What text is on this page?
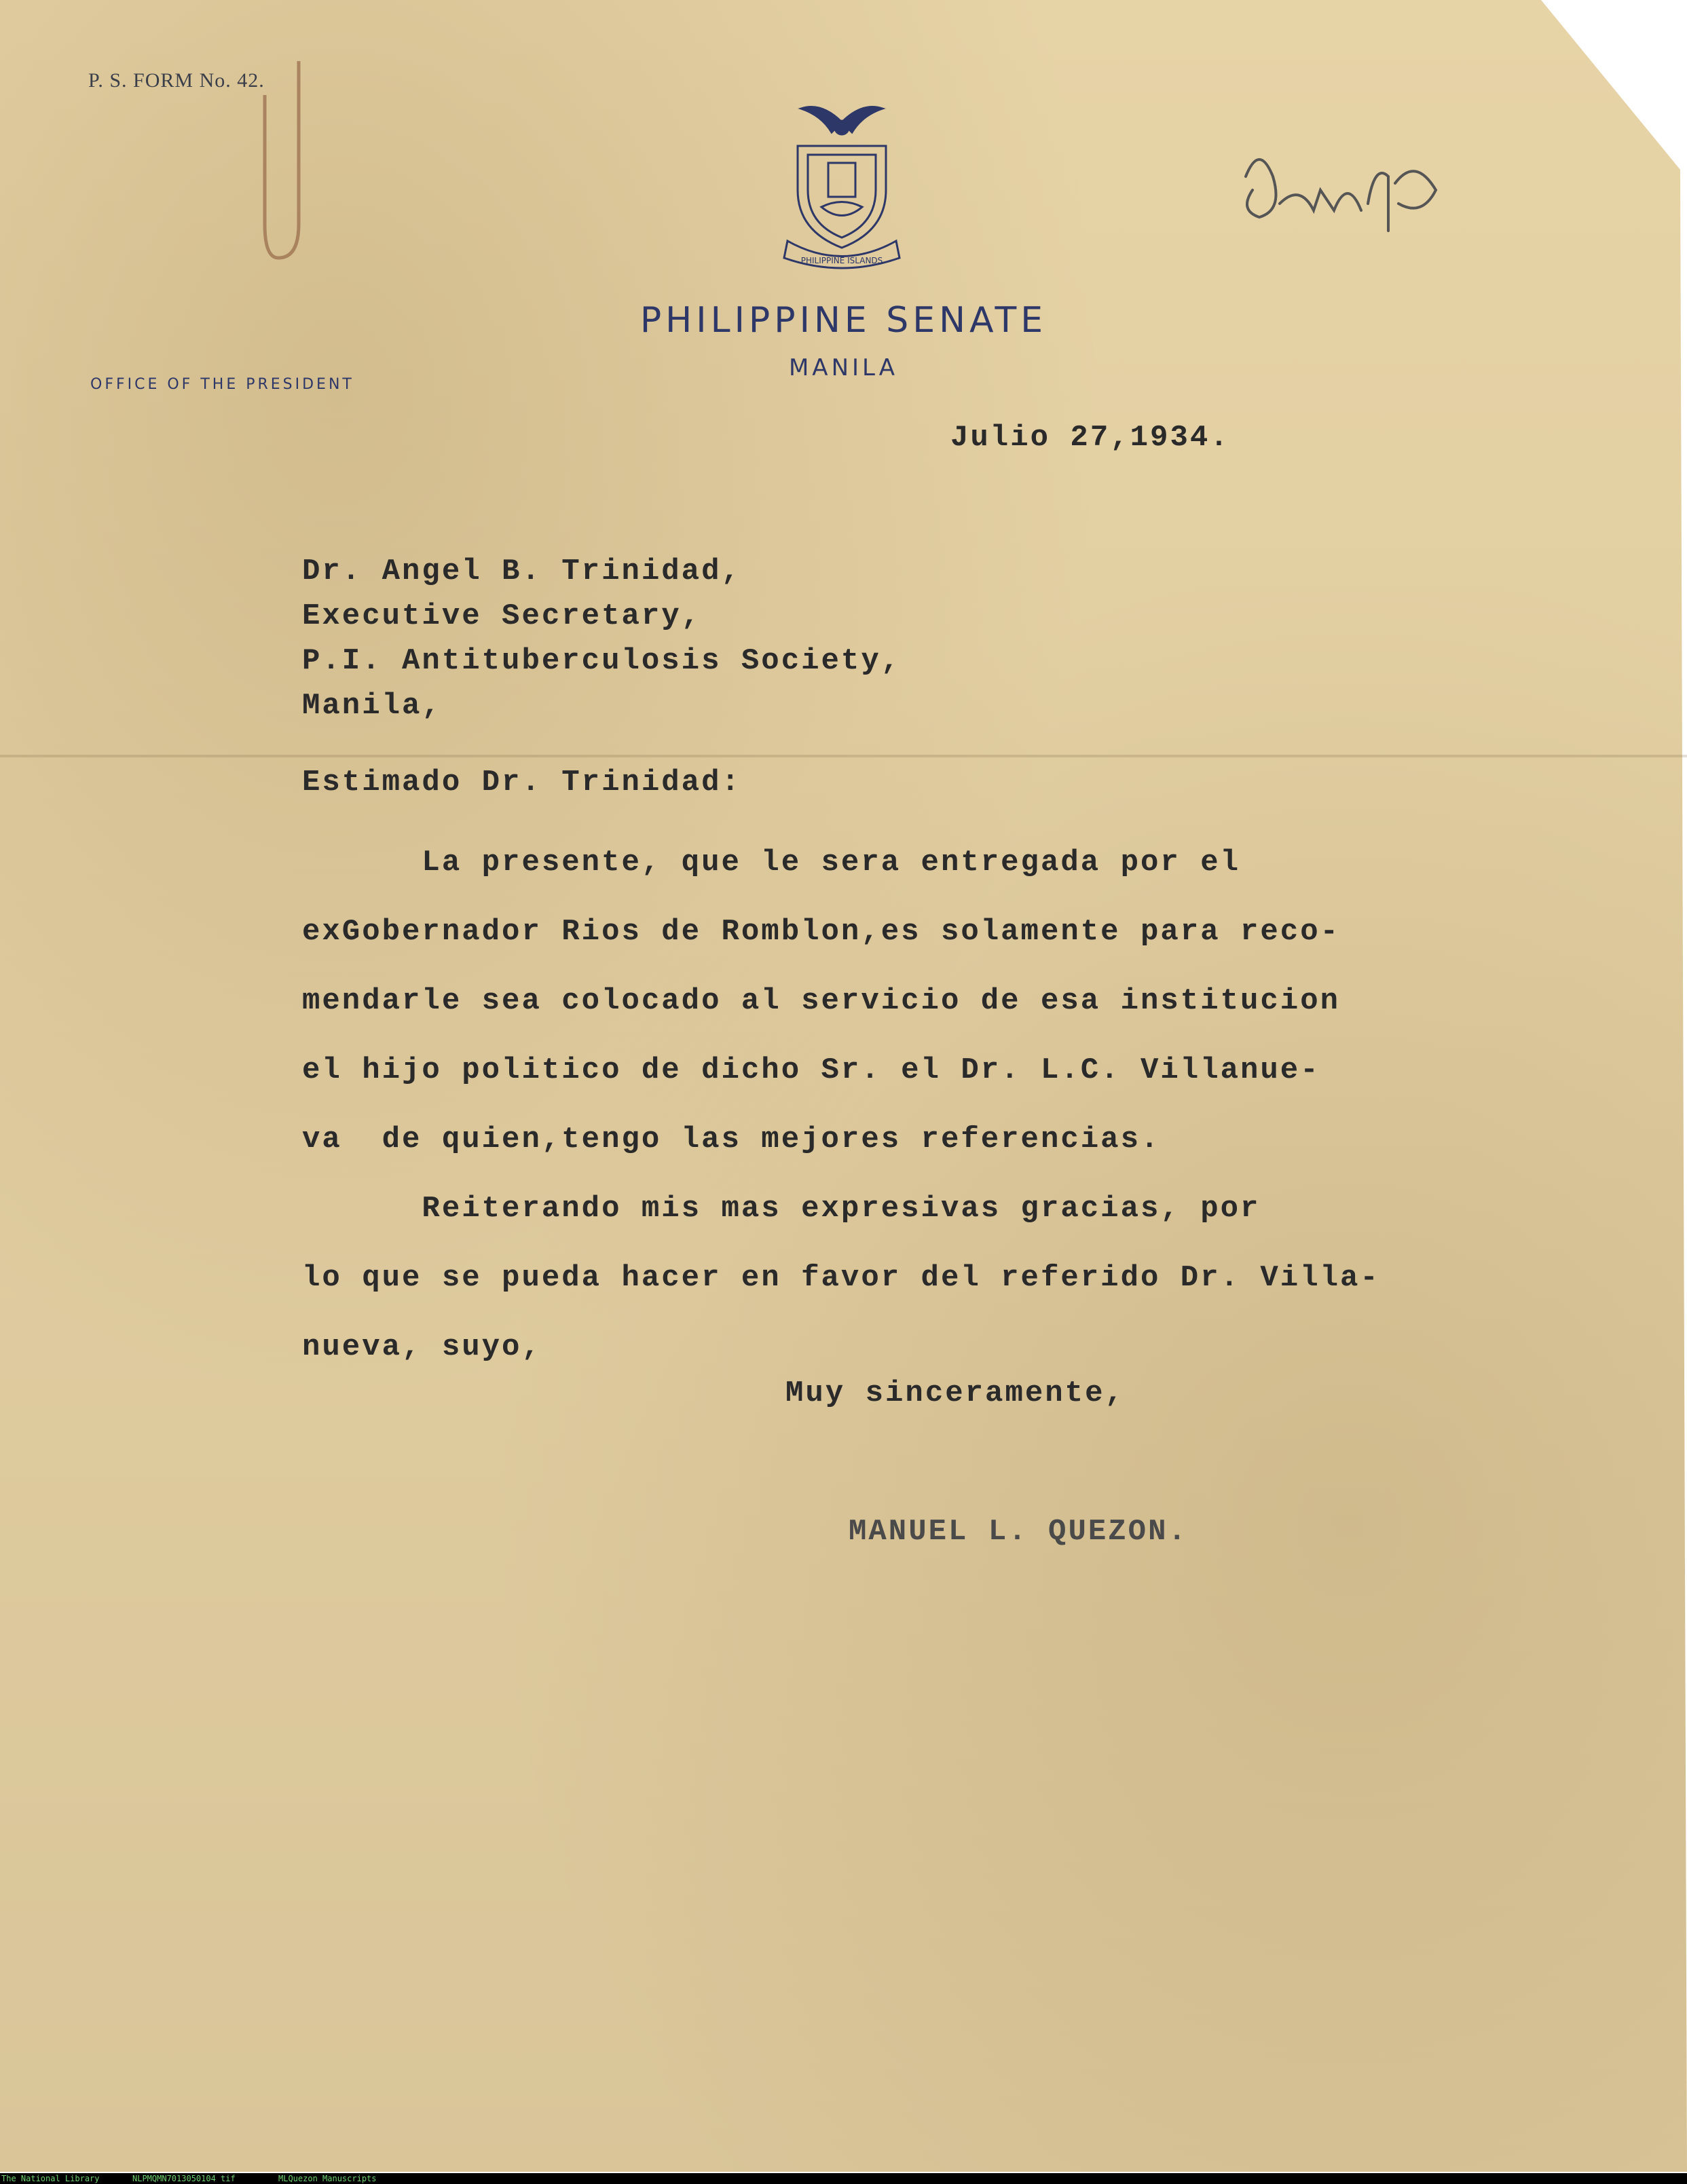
P. S. FORM No. 42.
PHILIPPINE ISLANDS
PHILIPPINE SENATE
MANILA
OFFICE OF THE PRESIDENT
Julio 27,1934.
Dr. Angel B. Trinidad,
Executive Secretary,
P.I. Antituberculosis Society,
Manila,
Estimado Dr. Trinidad:
La presente, que le sera entregada por el
exGobernador Rios de Romblon,es solamente para reco-
mendarle sea colocado al servicio de esa institucion
el hijo politico de dicho Sr. el Dr. L.C. Villanue-
va  de quien,tengo las mejores referencias.
Reiterando mis mas expresivas gracias, por
lo que se pueda hacer en favor del referido Dr. Villa-
nueva, suyo,
Muy sinceramente,
MANUEL L. QUEZON.
The National Library	NLPMQMN7013050104 tif	MLQuezon Manuscripts
